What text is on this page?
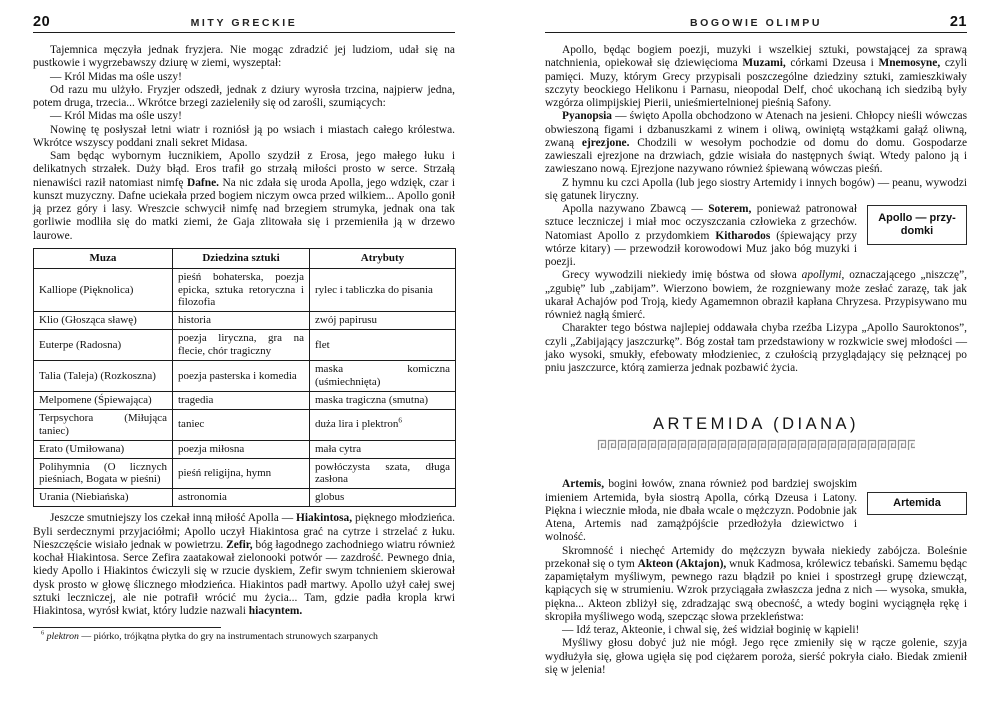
20	MITY GRECKIE

Tajemnica męczyła jednak fryzjera. Nie mogąc zdradzić jej ludziom, udał się na pustkowie i wygrzebawszy dziurę w ziemi, wyszeptał:

— Król Midas ma ośle uszy!

Od razu mu ulżyło. Fryzjer odszedł, jednak z dziury wyrosła trzcina, najpierw jedna, potem druga, trzecia... Wkrótce brzegi zazieleniły się od zarośli, szumiących:

— Król Midas ma ośle uszy!

Nowinę tę posłyszał letni wiatr i rozniósł ją po wsiach i miastach całego królestwa. Wkrótce wszyscy poddani znali sekret Midasa.

Sam będąc wybornym łucznikiem, Apollo szydził z Erosa, jego małego łuku i delikatnych strzałek. Duży błąd. Eros trafił go strzałą miłości prosto w serce. Strzałą nienawiści raził natomiast nimfę Dafne. Na nic zdała się uroda Apolla, jego wdzięk, czar i kunszt muzyczny. Dafne uciekała przed bogiem niczym owca przed wilkiem... Apollo gonił ją przez góry i lasy. Wreszcie schwycił nimfę nad brzegiem strumyka, jednak ona tak gorliwie modliła się do matki ziemi, że Gaja zlitowała się i przemieniła ją w drzewo laurowe.

Muza	Dziedzina sztuki	Atrybuty
Kalliope (Pięknolica)	pieśń bohaterska, poezja epicka, sztuka retoryczna i filozofia	rylec i tabliczka do pisania
Klio (Głosząca sławę)	historia	zwój papirusu
Euterpe (Radosna)	poezja liryczna, gra na flecie, chór tragiczny	flet
Talia (Taleja) (Rozkoszna)	poezja pasterska i komedia	maska komiczna (uśmiechnięta)
Melpomene (Śpiewająca)	tragedia	maska tragiczna (smutna)
Terpsychora (Miłująca taniec)	taniec	duża lira i plektron$^6$
Erato (Umiłowana)	poezja miłosna	mała cytra
Polihymnia (O licznych pieśniach, Bogata w pieśni)	pieśń religijna, hymn	powłóczysta szata, długa zasłona
Urania (Niebiańska)	astronomia	globus

Jeszcze smutniejszy los czekał inną miłość Apolla — Hiakintosa, pięknego młodzieńca. Byli serdecznymi przyjaciółmi; Apollo uczył Hiakintosa grać na cytrze i strzelać z łuku. Nieszczęście wisiało jednak w powietrzu. Zefir, bóg łagodnego zachodniego wiatru również kochał Hiakintosa. Serce Zefira zaatakował zielonooki potwór — zazdrość. Pewnego dnia, kiedy Apollo i Hiakintos ćwiczyli się w rzucie dyskiem, Zefir swym tchnieniem skierował dysk prosto w głowę ślicznego młodzieńca. Hiakintos padł martwy. Apollo użył całej swej sztuki leczniczej, ale nie potrafił wrócić mu życia... Tam, gdzie padła kropla krwi Hiakintosa, wyrósł kwiat, który ludzie nazwali hiacyntem.

$^6$ plektron — piórko, trójkątna płytka do gry na instrumentach strunowych szarpanych

BOGOWIE OLIMPU	21

Apollo, będąc bogiem poezji, muzyki i wszelkiej sztuki, powstającej za sprawą natchnienia, opiekował się dziewięcioma Muzami, córkami Dzeusa i Mnemosyne, czyli pamięci. Muzy, którym Grecy przypisali poszczególne dziedziny sztuki, zamieszkiwały szczyty beockiego Helikonu i Parnasu, nieopodal Delf, choć ukochaną ich siedzibą były wzgórza olimpijskiej Pierii, unieśmiertelnionej pieśnią Safony.

Pyanopsia — święto Apolla obchodzono w Atenach na jesieni. Chłopcy nieśli wówczas obwieszoną figami i dzbanuszkami z winem i oliwą, owiniętą wstążkami gałąź oliwną, zwaną ejrezjone. Chodzili w wesołym pochodzie od domu do domu. Gospodarze zawieszali ejrezjone na drzwiach, gdzie wisiała do następnych świąt. Wtedy palono ją i zawieszano nową. Ejrezjone nazywano również śpiewaną wówczas pieśń.

Z hymnu ku czci Apolla (lub jego siostry Artemidy i innych bogów) — peanu, wywodzi się gatunek liryczny.

Apollo — przy-
domki
Apolla nazywano Zbawcą — Soterem, ponieważ patronował sztuce leczniczej i miał moc oczyszczania człowieka z grzechów. Natomiast Apollo z przydomkiem Kitharodos (śpiewający przy wtórze kitary) — przewodził korowodowi Muz jako bóg muzyki i poezji.

Grecy wywodzili niekiedy imię bóstwa od słowa apollymi, oznaczającego „niszczę”, „zgubię” lub „zabijam”. Wierzono bowiem, że rozgniewany może zesłać zarazę, tak jak ukarał Achajów pod Troją, kiedy Agamemnon obraził kapłana Chryzesa. Przypisywano mu również nagłą śmierć.

Charakter tego bóstwa najlepiej oddawała chyba rzeźba Lizypa „Apollo Sauroktonos”, czyli „Zabijający jaszczurkę”. Bóg został tam przedstawiony w rozkwicie swej młodości — jako wysoki, smukły, efebowaty młodzieniec, z czułością przyglądający się pełznącej po pniu jaszczurce, którą zamierza jednak pozbawić życia.

ARTEMIDA (DIANA)

Artemida
Artemis, bogini łowów, znana również pod bardziej swojskim imieniem Artemida, była siostrą Apolla, córką Dzeusa i Latony. Piękna i wiecznie młoda, nie dbała wcale o mężczyzn. Podobnie jak Atena, Artemis nad zamążpójście przedłożyła dziewictwo i wolność.

Skromność i niechęć Artemidy do mężczyzn bywała niekiedy zabójcza. Boleśnie przekonał się o tym Akteon (Aktajon), wnuk Kadmosa, królewicz tebański. Samemu będąc zapamiętałym myśliwym, pewnego razu błądził po kniei i spostrzegł grupę dziewcząt, kąpiących się w strumieniu. Wzrok przyciągała zwłaszcza jedna z nich — wysoka, smukła, piękna... Akteon zbliżył się, zdradzając swą obecność, a wtedy bogini wyciągnęła rękę i skropiła myśliwego wodą, szepcząc słowa przekleństwa:

— Idź teraz, Akteonie, i chwal się, żeś widział boginię w kąpieli!

Myśliwy głosu dobyć już nie mógł. Jego ręce zmieniły się w rącze golenie, szyja wydłużyła się, głowa ugięła się pod ciężarem poroża, sierść pokryła ciało. Biedak zmienił się w jelenia!
